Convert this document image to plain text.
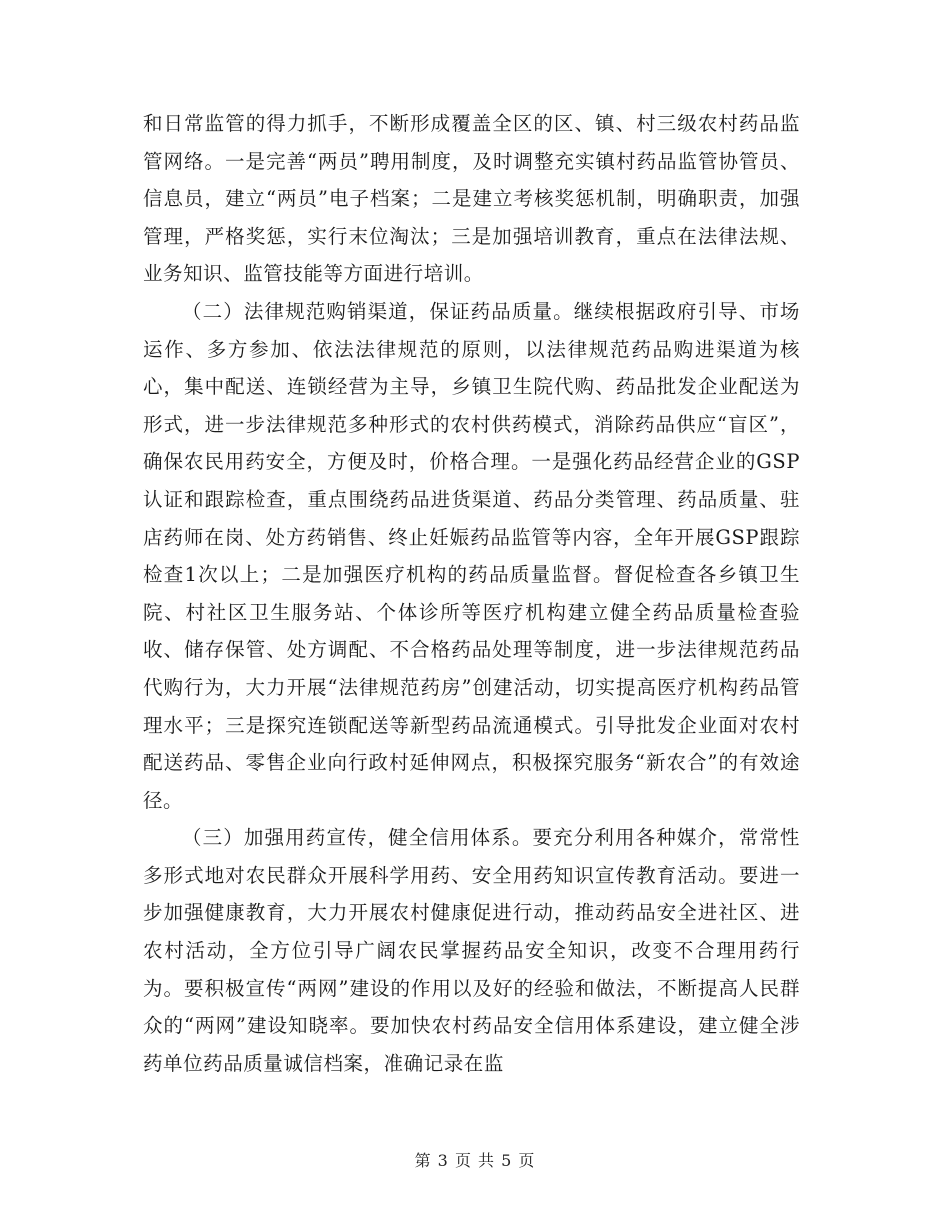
和日常监管的得力抓手，不断形成覆盖全区的区、镇、村三级农村药品监管网络。一是完善“两员”聘用制度，及时调整充实镇村药品监管协管员、信息员，建立“两员”电子档案；二是建立考核奖惩机制，明确职责，加强管理，严格奖惩，实行末位淘汰；三是加强培训教育，重点在法律法规、业务知识、监管技能等方面进行培训。

（二）法律规范购销渠道，保证药品质量。继续根据政府引导、市场运作、多方参加、依法法律规范的原则，以法律规范药品购进渠道为核心，集中配送、连锁经营为主导，乡镇卫生院代购、药品批发企业配送为形式，进一步法律规范多种形式的农村供药模式，消除药品供应“盲区”，确保农民用药安全，方便及时，价格合理。一是强化药品经营企业的GSP认证和跟踪检查，重点围绕药品进货渠道、药品分类管理、药品质量、驻店药师在岗、处方药销售、终止妊娠药品监管等内容，全年开展GSP跟踪检查1次以上；二是加强医疗机构的药品质量监督。督促检查各乡镇卫生院、村社区卫生服务站、个体诊所等医疗机构建立健全药品质量检查验收、储存保管、处方调配、不合格药品处理等制度，进一步法律规范药品代购行为，大力开展“法律规范药房”创建活动，切实提高医疗机构药品管理水平；三是探究连锁配送等新型药品流通模式。引导批发企业面对农村配送药品、零售企业向行政村延伸网点，积极探究服务“新农合”的有效途径。

（三）加强用药宣传，健全信用体系。要充分利用各种媒介，常常性多形式地对农民群众开展科学用药、安全用药知识宣传教育活动。要进一步加强健康教育，大力开展农村健康促进行动，推动药品安全进社区、进农村活动，全方位引导广阔农民掌握药品安全知识，改变不合理用药行为。要积极宣传“两网”建设的作用以及好的经验和做法，不断提高人民群众的“两网”建设知晓率。要加快农村药品安全信用体系建设，建立健全涉药单位药品质量诚信档案，准确记录在监

第 3 页 共 5 页
